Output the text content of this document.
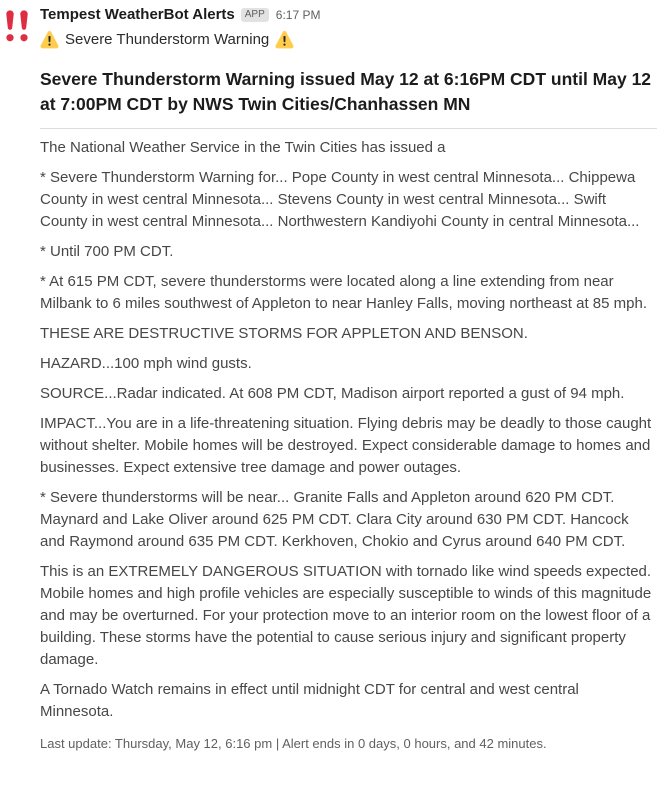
Tempest WeatherBot Alerts	APP 6:17 PM
Severe Thunderstorm Warning
Severe Thunderstorm Warning issued May 12 at 6:16PM CDT until May 12 at 7:00PM CDT by NWS Twin Cities/Chanhassen MN

The National Weather Service in the Twin Cities has issued a

* Severe Thunderstorm Warning for... Pope County in west central Minnesota... Chippewa County in west central Minnesota... Stevens County in west central Minnesota... Swift County in west central Minnesota... Northwestern Kandiyohi County in central Minnesota...

* Until 700 PM CDT.

* At 615 PM CDT, severe thunderstorms were located along a line extending from near Milbank to 6 miles southwest of Appleton to near Hanley Falls, moving northeast at 85 mph.

THESE ARE DESTRUCTIVE STORMS FOR APPLETON AND BENSON.

HAZARD...100 mph wind gusts.

SOURCE...Radar indicated. At 608 PM CDT, Madison airport reported a gust of 94 mph.

IMPACT...You are in a life-threatening situation. Flying debris may be deadly to those caught without shelter. Mobile homes will be destroyed. Expect considerable damage to homes and businesses. Expect extensive tree damage and power outages.

* Severe thunderstorms will be near... Granite Falls and Appleton around 620 PM CDT. Maynard and Lake Oliver around 625 PM CDT. Clara City around 630 PM CDT. Hancock and Raymond around 635 PM CDT. Kerkhoven, Chokio and Cyrus around 640 PM CDT.

This is an EXTREMELY DANGEROUS SITUATION with tornado like wind speeds expected. Mobile homes and high profile vehicles are especially susceptible to winds of this magnitude and may be overturned. For your protection move to an interior room on the lowest floor of a building. These storms have the potential to cause serious injury and significant property damage.

A Tornado Watch remains in effect until midnight CDT for central and west central Minnesota.

Last update: Thursday, May 12, 6:16 pm | Alert ends in 0 days, 0 hours, and 42 minutes.
